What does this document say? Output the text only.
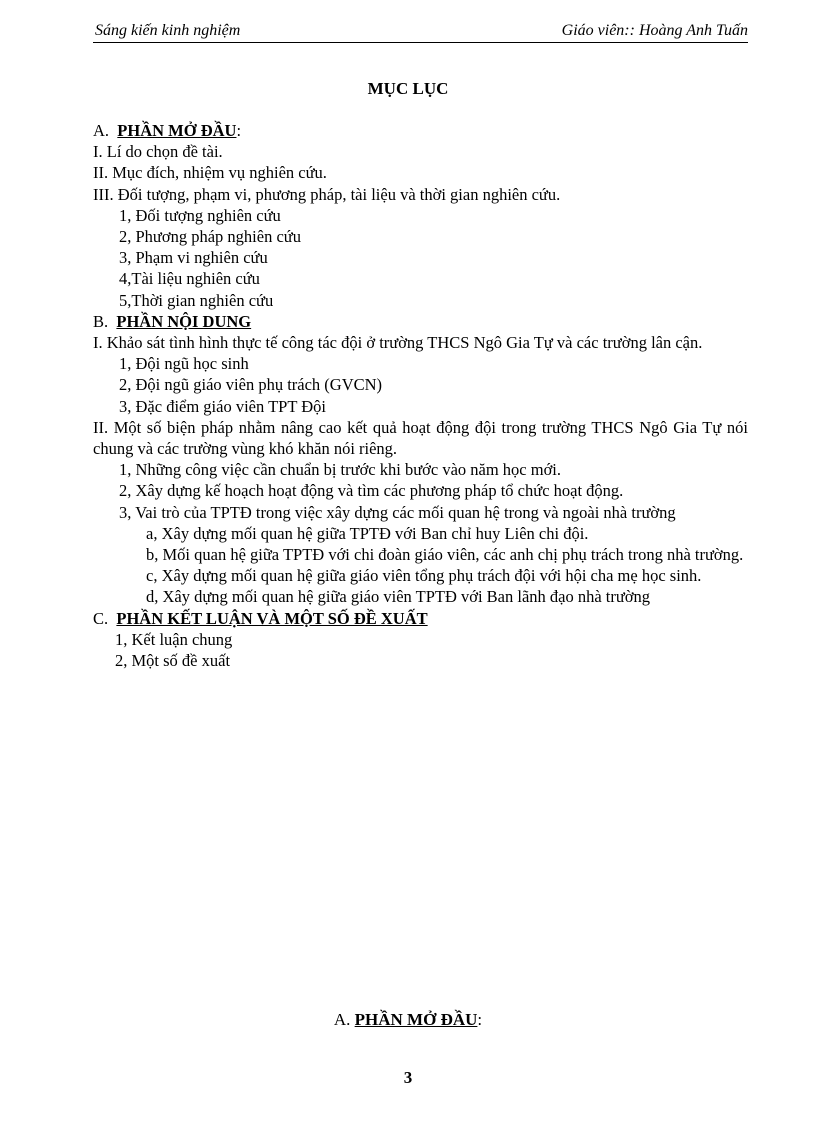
Sáng kiến kinh nghiệm	Giáo viên:: Hoàng Anh Tuấn
MỤC LỤC
A. PHẦN MỞ ĐẦU:
I. Lí do chọn đề tài.
II. Mục đích, nhiệm vụ nghiên cứu.
III. Đối tượng, phạm vi, phương pháp, tài liệu và thời gian nghiên cứu.
1, Đối tượng nghiên cứu
2, Phương pháp nghiên cứu
3, Phạm vi nghiên cứu
4,Tài liệu nghiên cứu
5,Thời gian nghiên cứu
B. PHẦN NỘI DUNG
I. Khảo sát tình hình thực tế công tác đội ở trường THCS Ngô Gia Tự và các trường lân cận.
1, Đội ngũ học sinh
2, Đội ngũ giáo viên phụ trách (GVCN)
3, Đặc điểm giáo viên TPT Đội
II. Một số biện pháp nhằm nâng cao kết quả hoạt động đội trong trường THCS Ngô Gia Tự nói chung và các trường vùng khó khăn nói riêng.
1, Những công việc cần chuẩn bị trước khi bước vào năm học mới.
2, Xây dựng kế hoạch hoạt động và tìm các phương pháp tổ chức hoạt động.
3, Vai trò của TPTĐ trong việc xây dựng các mối quan hệ trong và ngoài nhà trường
a, Xây dựng mối quan hệ giữa TPTĐ với Ban chỉ huy Liên chi đội.
b, Mối quan hệ giữa TPTĐ với chi đoàn giáo viên, các anh chị phụ trách trong nhà trường.
c, Xây dựng mối quan hệ giữa giáo viên tổng phụ trách đội với hội cha mẹ học sinh.
d, Xây dựng mối quan hệ giữa giáo viên TPTĐ với Ban lãnh đạo nhà trường
C. PHẦN KẾT LUẬN VÀ MỘT SỐ ĐỀ XUẤT
1, Kết luận chung
2, Một số đề xuất
A. PHẦN MỞ ĐẦU:
3
